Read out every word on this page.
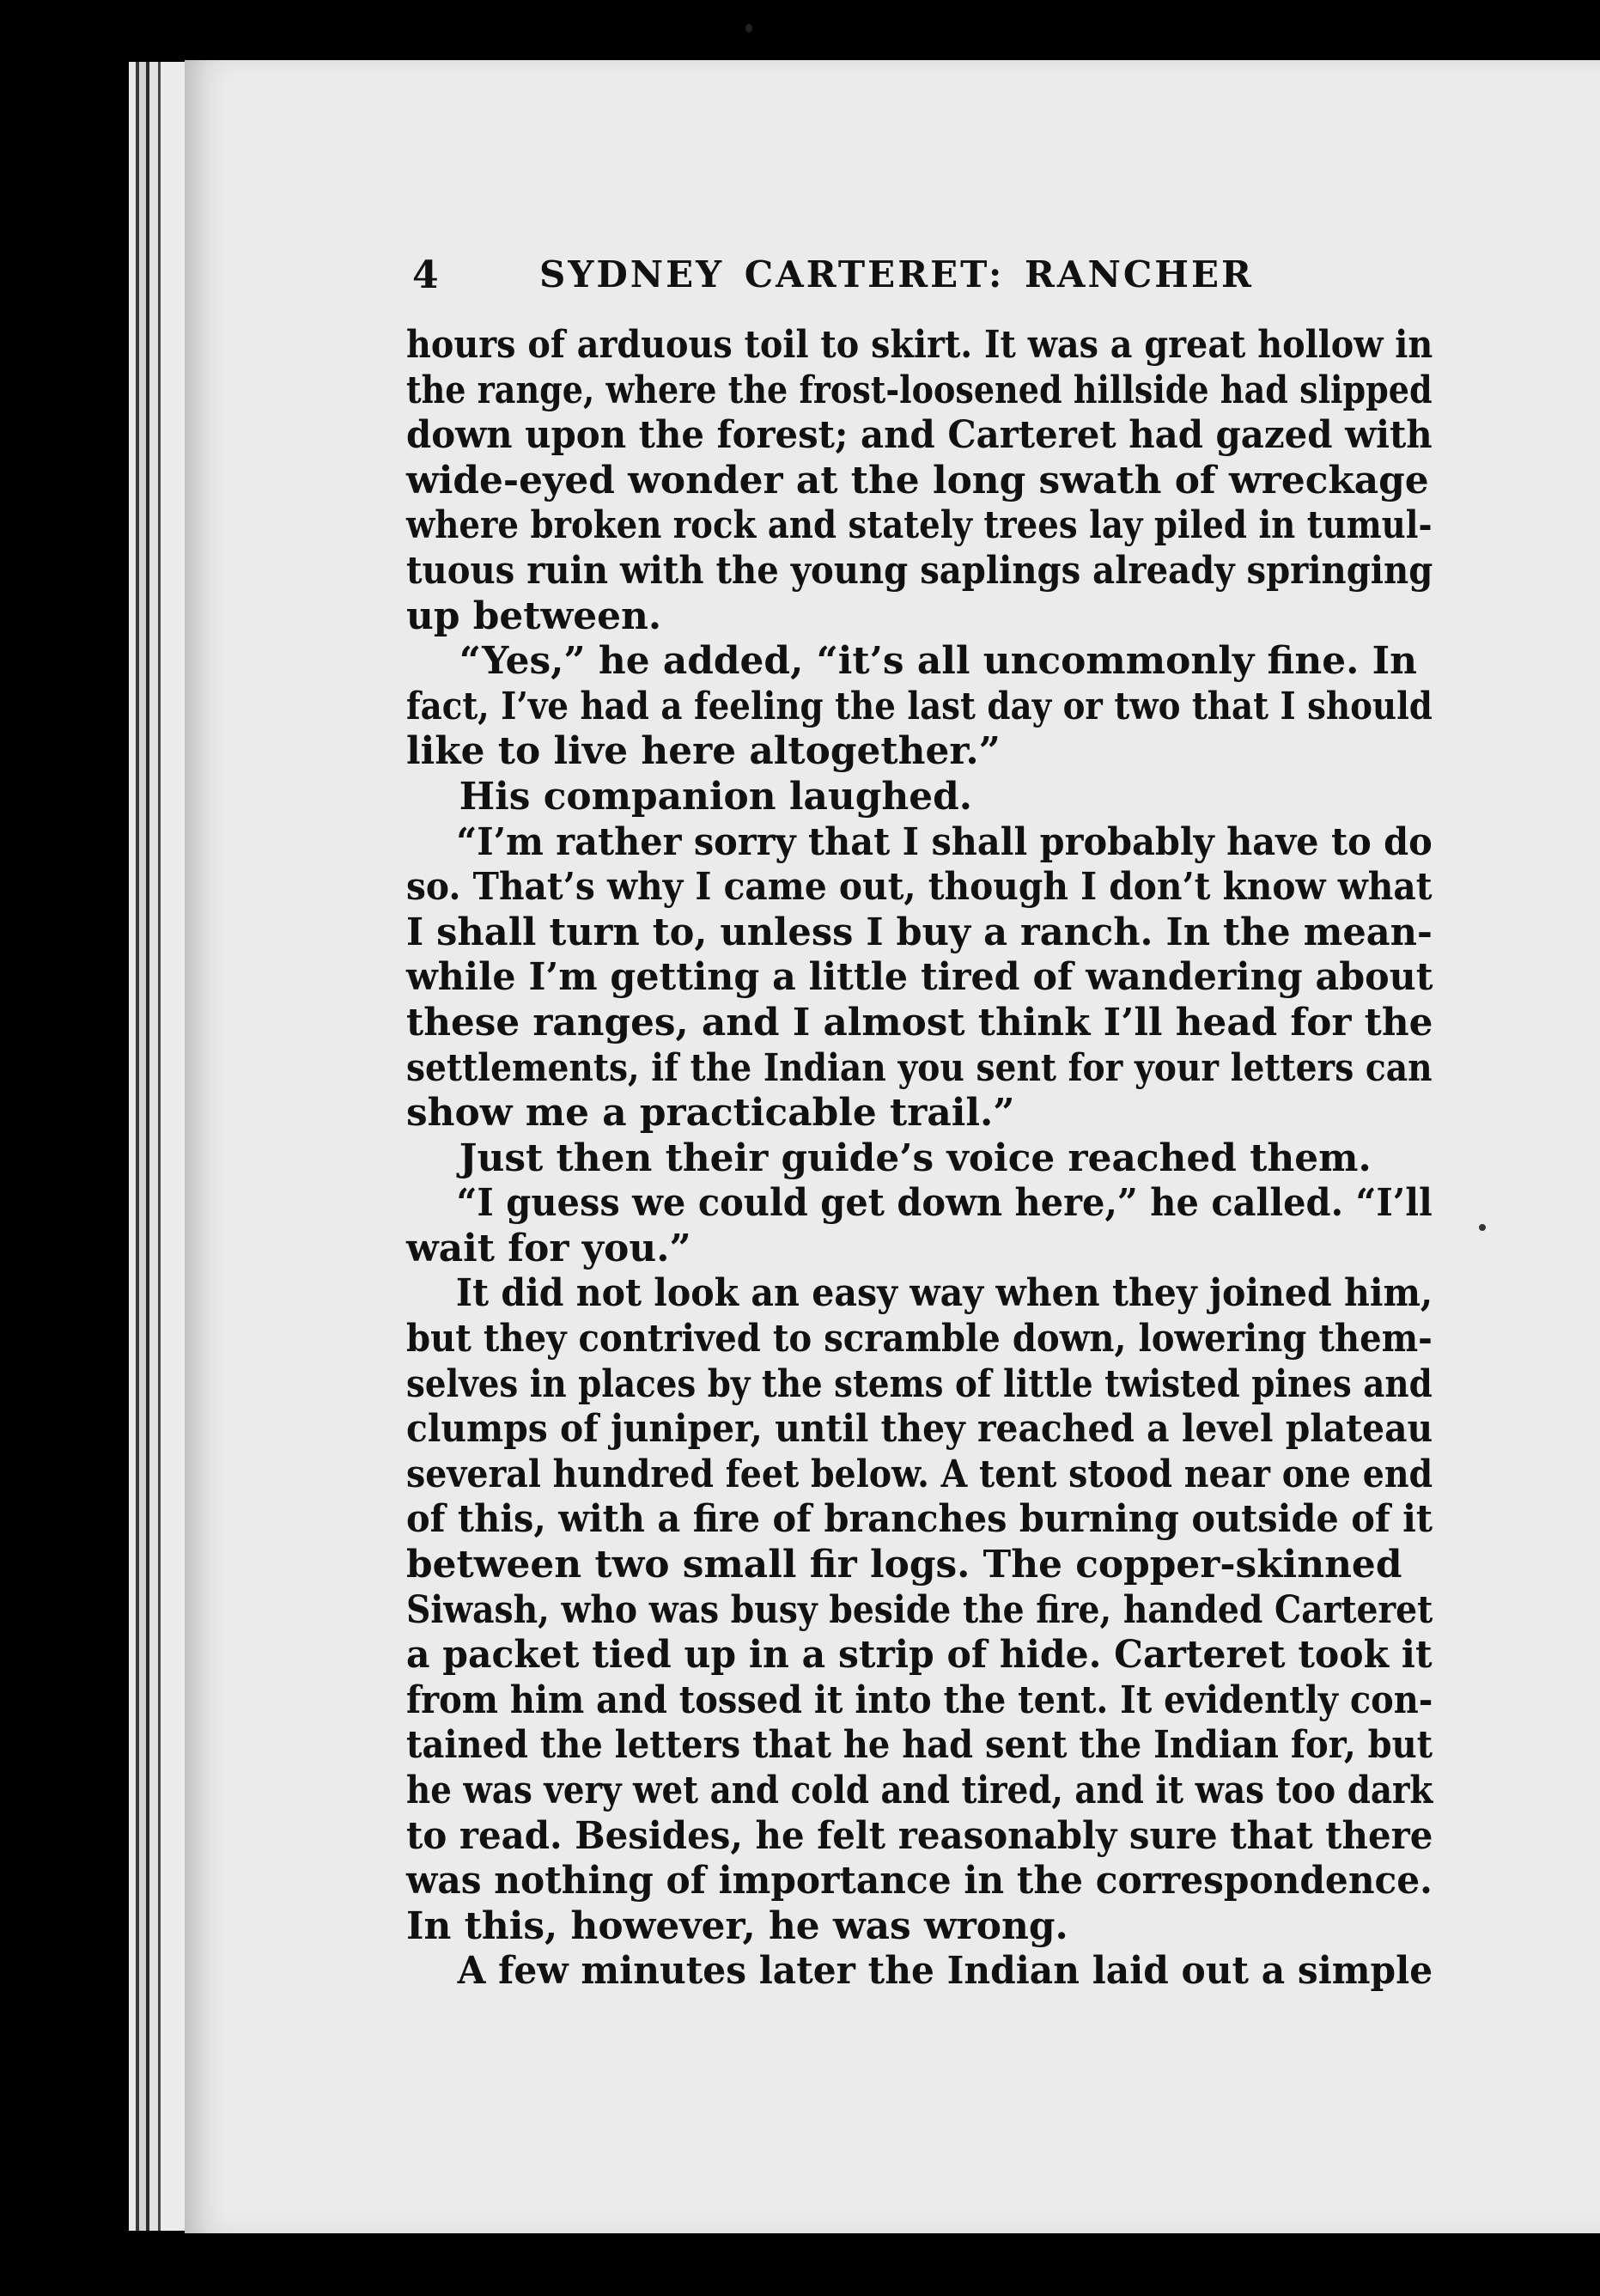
4	SYDNEY CARTERET: RANCHER
hours of arduous toil to skirt. It was a great hollow in
the range, where the frost-loosened hillside had slipped
down upon the forest; and Carteret had gazed with
wide-eyed wonder at the long swath of wreckage
where broken rock and stately trees lay piled in tumul-
tuous ruin with the young saplings already springing
up between.
“Yes,” he added, “it’s all uncommonly fine. In
fact, I’ve had a feeling the last day or two that I should
like to live here altogether.”
His companion laughed.
“I’m rather sorry that I shall probably have to do
so. That’s why I came out, though I don’t know what
I shall turn to, unless I buy a ranch. In the mean-
while I’m getting a little tired of wandering about
these ranges, and I almost think I’ll head for the
settlements, if the Indian you sent for your letters can
show me a practicable trail.”
Just then their guide’s voice reached them.
“I guess we could get down here,” he called. “I’ll
wait for you.”
It did not look an easy way when they joined him,
but they contrived to scramble down, lowering them-
selves in places by the stems of little twisted pines and
clumps of juniper, until they reached a level plateau
several hundred feet below. A tent stood near one end
of this, with a fire of branches burning outside of it
between two small fir logs. The copper-skinned
Siwash, who was busy beside the fire, handed Carteret
a packet tied up in a strip of hide. Carteret took it
from him and tossed it into the tent. It evidently con-
tained the letters that he had sent the Indian for, but
he was very wet and cold and tired, and it was too dark
to read. Besides, he felt reasonably sure that there
was nothing of importance in the correspondence.
In this, however, he was wrong.
A few minutes later the Indian laid out a simple
